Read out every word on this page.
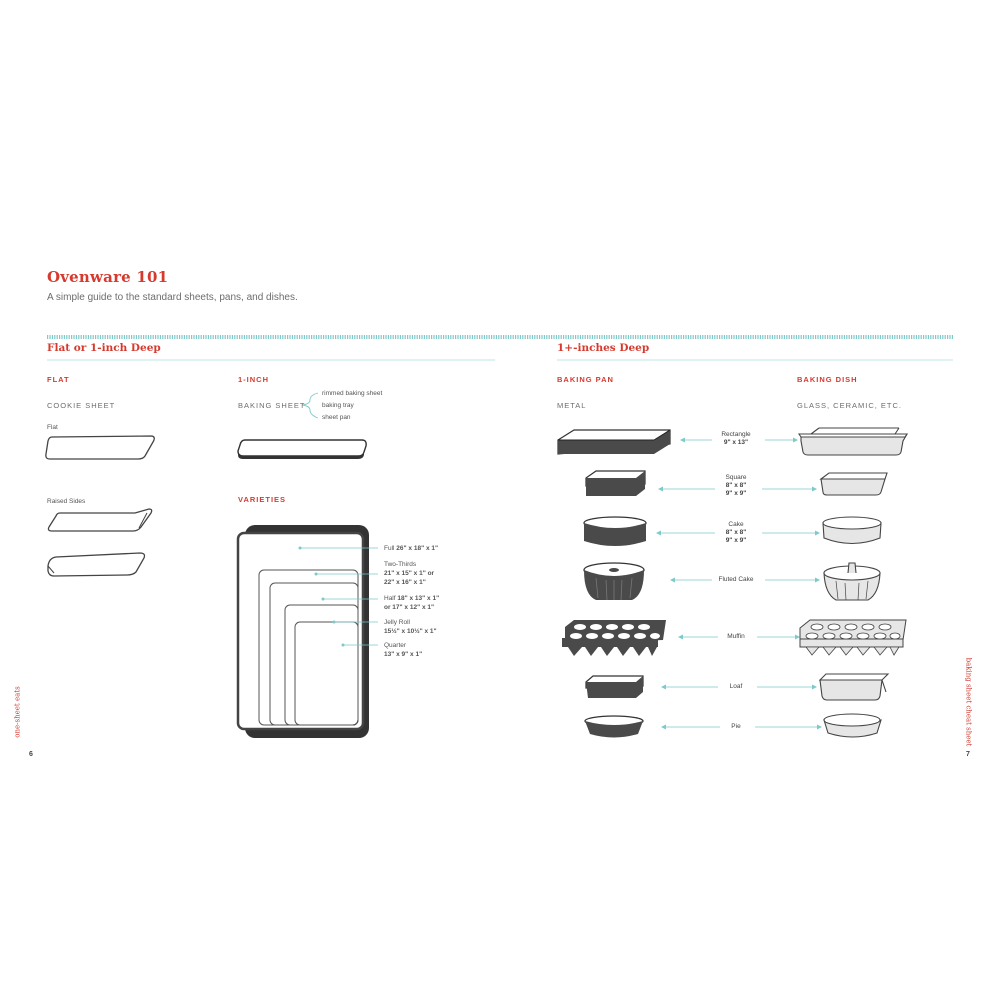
Ovenware 101
A simple guide to the standard sheets, pans, and dishes.
Flat or 1-inch Deep
FLAT
COOKIE SHEET
Flat
Raised Sides
1-INCH
BAKING SHEET
rimmed baking sheet
baking tray
sheet pan
VARIETIES
Full 26" x 18" x 1"
Two-Thirds
21" x 15" x 1" or
22" x 16" x 1"
Half 18" x 13" x 1"
or 17" x 12" x 1"
Jelly Roll
15½" x 10½" x 1"
Quarter
13" x 9" x 1"
1+-inches Deep
BAKING PAN
METAL
BAKING DISH
GLASS, CERAMIC, ETC.
Rectangle
9" x 13"
Square
8" x 8"
9" x 9"
Cake
8" x 8"
9" x 9"
Fluted Cake
Muffin
Loaf
Pie
one-sheet eats	baking sheet cheat sheet
6	7
